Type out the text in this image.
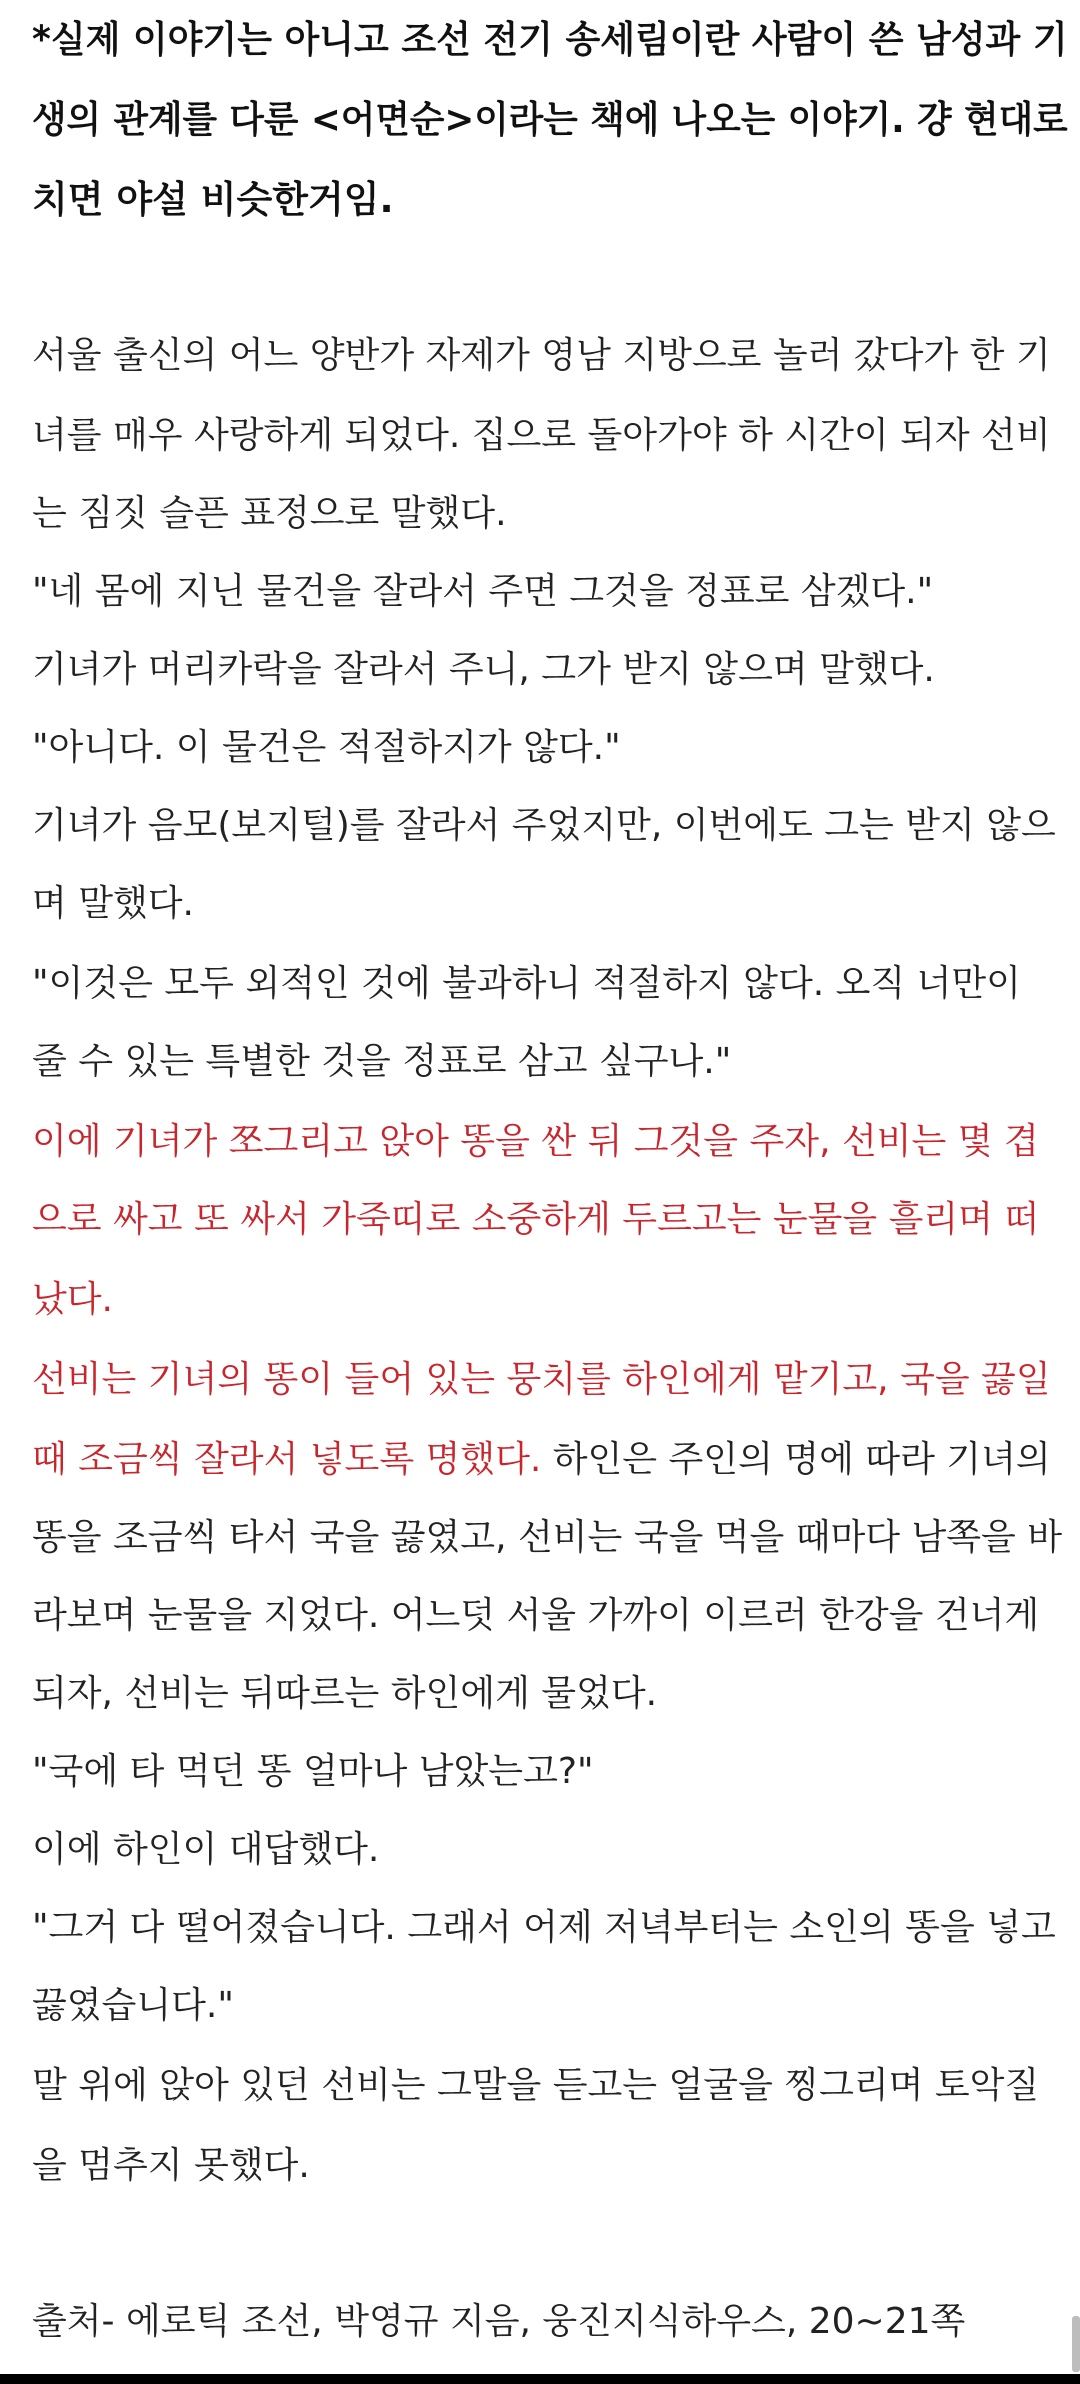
*실제 이야기는 아니고 조선 전기 송세림이란 사람이 쓴 남성과 기
생의 관계를 다룬 <어면순>이라는 책에 나오는 이야기. 걍 현대로
치면 야설 비슷한거임.
서울 출신의 어느 양반가 자제가 영남 지방으로 놀러 갔다가 한 기
녀를 매우 사랑하게 되었다. 집으로 돌아가야 하 시간이 되자 선비
는 짐짓 슬픈 표정으로 말했다.
"네 몸에 지닌 물건을 잘라서 주면 그것을 정표로 삼겠다."
기녀가 머리카락을 잘라서 주니, 그가 받지 않으며 말했다.
"아니다. 이 물건은 적절하지가 않다."
기녀가 음모(보지털)를 잘라서 주었지만, 이번에도 그는 받지 않으
며 말했다.
"이것은 모두 외적인 것에 불과하니 적절하지 않다. 오직 너만이
줄 수 있는 특별한 것을 정표로 삼고 싶구나."
이에 기녀가 쪼그리고 앉아 똥을 싼 뒤 그것을 주자, 선비는 몇 겹
으로 싸고 또 싸서 가죽띠로 소중하게 두르고는 눈물을 흘리며 떠
났다.
선비는 기녀의 똥이 들어 있는 뭉치를 하인에게 맡기고, 국을 끓일
때 조금씩 잘라서 넣도록 명했다. 하인은 주인의 명에 따라 기녀의
똥을 조금씩 타서 국을 끓였고, 선비는 국을 먹을 때마다 남쪽을 바
라보며 눈물을 지었다. 어느덧 서울 가까이 이르러 한강을 건너게
되자, 선비는 뒤따르는 하인에게 물었다.
"국에 타 먹던 똥 얼마나 남았는고?"
이에 하인이 대답했다.
"그거 다 떨어졌습니다. 그래서 어제 저녁부터는 소인의 똥을 넣고
끓였습니다."
말 위에 앉아 있던 선비는 그말을 듣고는 얼굴을 찡그리며 토악질
을 멈추지 못했다.
출처- 에로틱 조선, 박영규 지음, 웅진지식하우스, 20~21쪽
